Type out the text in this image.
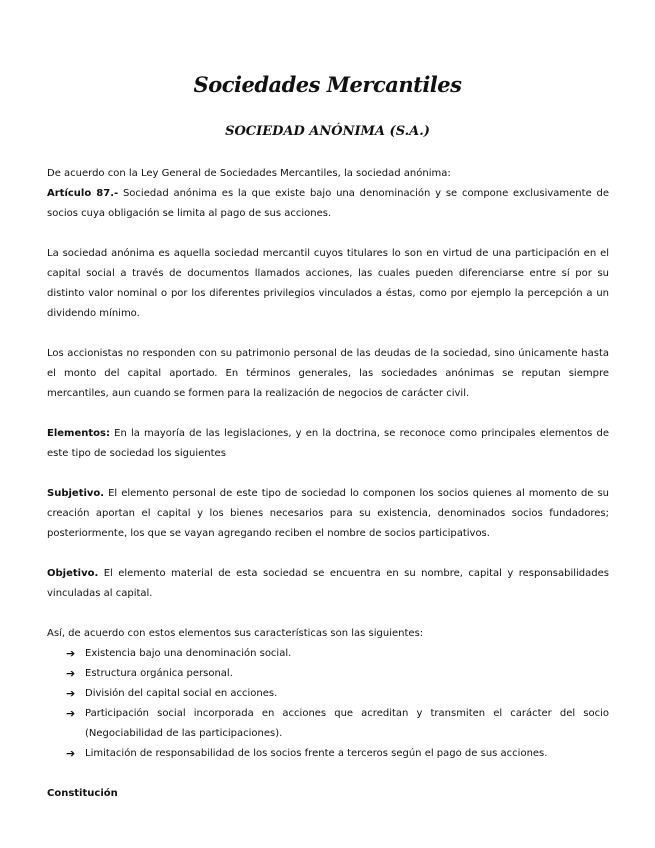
Sociedades Mercantiles
SOCIEDAD ANÓNIMA (S.A.)

De acuerdo con la Ley General de Sociedades Mercantiles, la sociedad anónima:

Artículo 87.- Sociedad anónima es la que existe bajo una denominación y se compone exclusivamente de socios cuya obligación se limita al pago de sus acciones.

La sociedad anónima es aquella sociedad mercantil cuyos titulares lo son en virtud de una participación en el capital social a través de documentos llamados acciones, las cuales pueden diferenciarse entre sí por su distinto valor nominal o por los diferentes privilegios vinculados a éstas, como por ejemplo la percepción a un dividendo mínimo.

Los accionistas no responden con su patrimonio personal de las deudas de la sociedad, sino únicamente hasta el monto del capital aportado. En términos generales, las sociedades anónimas se reputan siempre mercantiles, aun cuando se formen para la realización de negocios de carácter civil.

Elementos: En la mayoría de las legislaciones, y en la doctrina, se reconoce como principales elementos de este tipo de sociedad los siguientes

Subjetivo. El elemento personal de este tipo de sociedad lo componen los socios quienes al momento de su creación aportan el capital y los bienes necesarios para su existencia, denominados socios fundadores; posteriormente, los que se vayan agregando reciben el nombre de socios participativos.

Objetivo. El elemento material de esta sociedad se encuentra en su nombre, capital y responsabilidades vinculadas al capital.

Así, de acuerdo con estos elementos sus características son las siguientes:

➔ Existencia bajo una denominación social.
➔ Estructura orgánica personal.
➔ División del capital social en acciones.
➔ Participación social incorporada en acciones que acreditan y transmiten el carácter del socio (Negociabilidad de las participaciones).
➔ Limitación de responsabilidad de los socios frente a terceros según el pago de sus acciones.

Constitución
